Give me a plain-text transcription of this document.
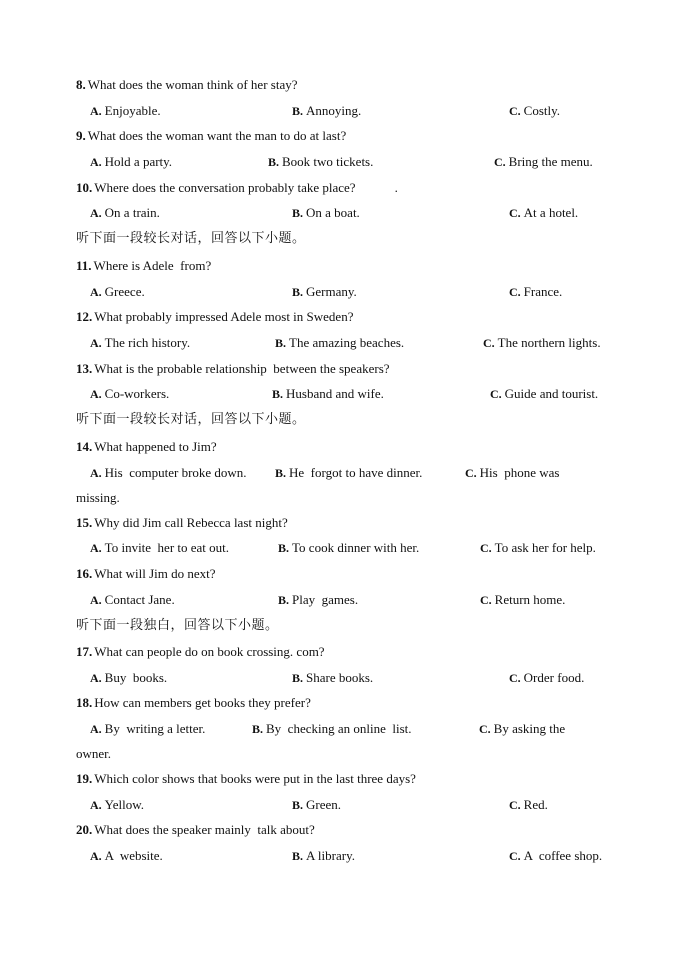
8. What does the woman think of her stay?
A. Enjoyable.	B. Annoying.	C. Costly.
9. What does the woman want the man to do at last?
A. Hold a party.	B. Book two tickets.	C. Bring the menu.
10. Where does the conversation probably take place?            .
A. On a train.	B. On a boat.	C. At a hotel.
听下面一段较长对话，回答以下小题。
11. Where is Adele  from?
A. Greece.	B. Germany.	C. France.
12. What probably impressed Adele most in Sweden?
A. The rich history.	B. The amazing beaches.	C. The northern lights.
13. What is the probable relationship  between the speakers?
A. Co-workers.	B. Husband and wife.	C. Guide and tourist.
听下面一段较长对话，回答以下小题。
14. What happened to Jim?
A. His  computer broke down. B. He  forgot to have dinner.	C. His  phone was
missing.
15. Why did Jim call Rebecca last night?
A. To invite  her to eat out.	B. To cook dinner with her.	C. To ask her for help.
16. What will Jim do next?
A. Contact Jane.	B. Play  games.	C. Return home.
听下面一段独白，回答以下小题。
17. What can people do on book crossing. com?
A. Buy  books.	B. Share books.	C. Order food.
18. How can members get books they prefer?
A. By  writing a letter.	B. By  checking an online  list.	C. By asking the
owner.
19. Which color shows that books were put in the last three days?
A. Yellow.	B. Green.	C. Red.
20. What does the speaker mainly  talk about?
A. A  website.	B. A library.	C. A  coffee shop.
